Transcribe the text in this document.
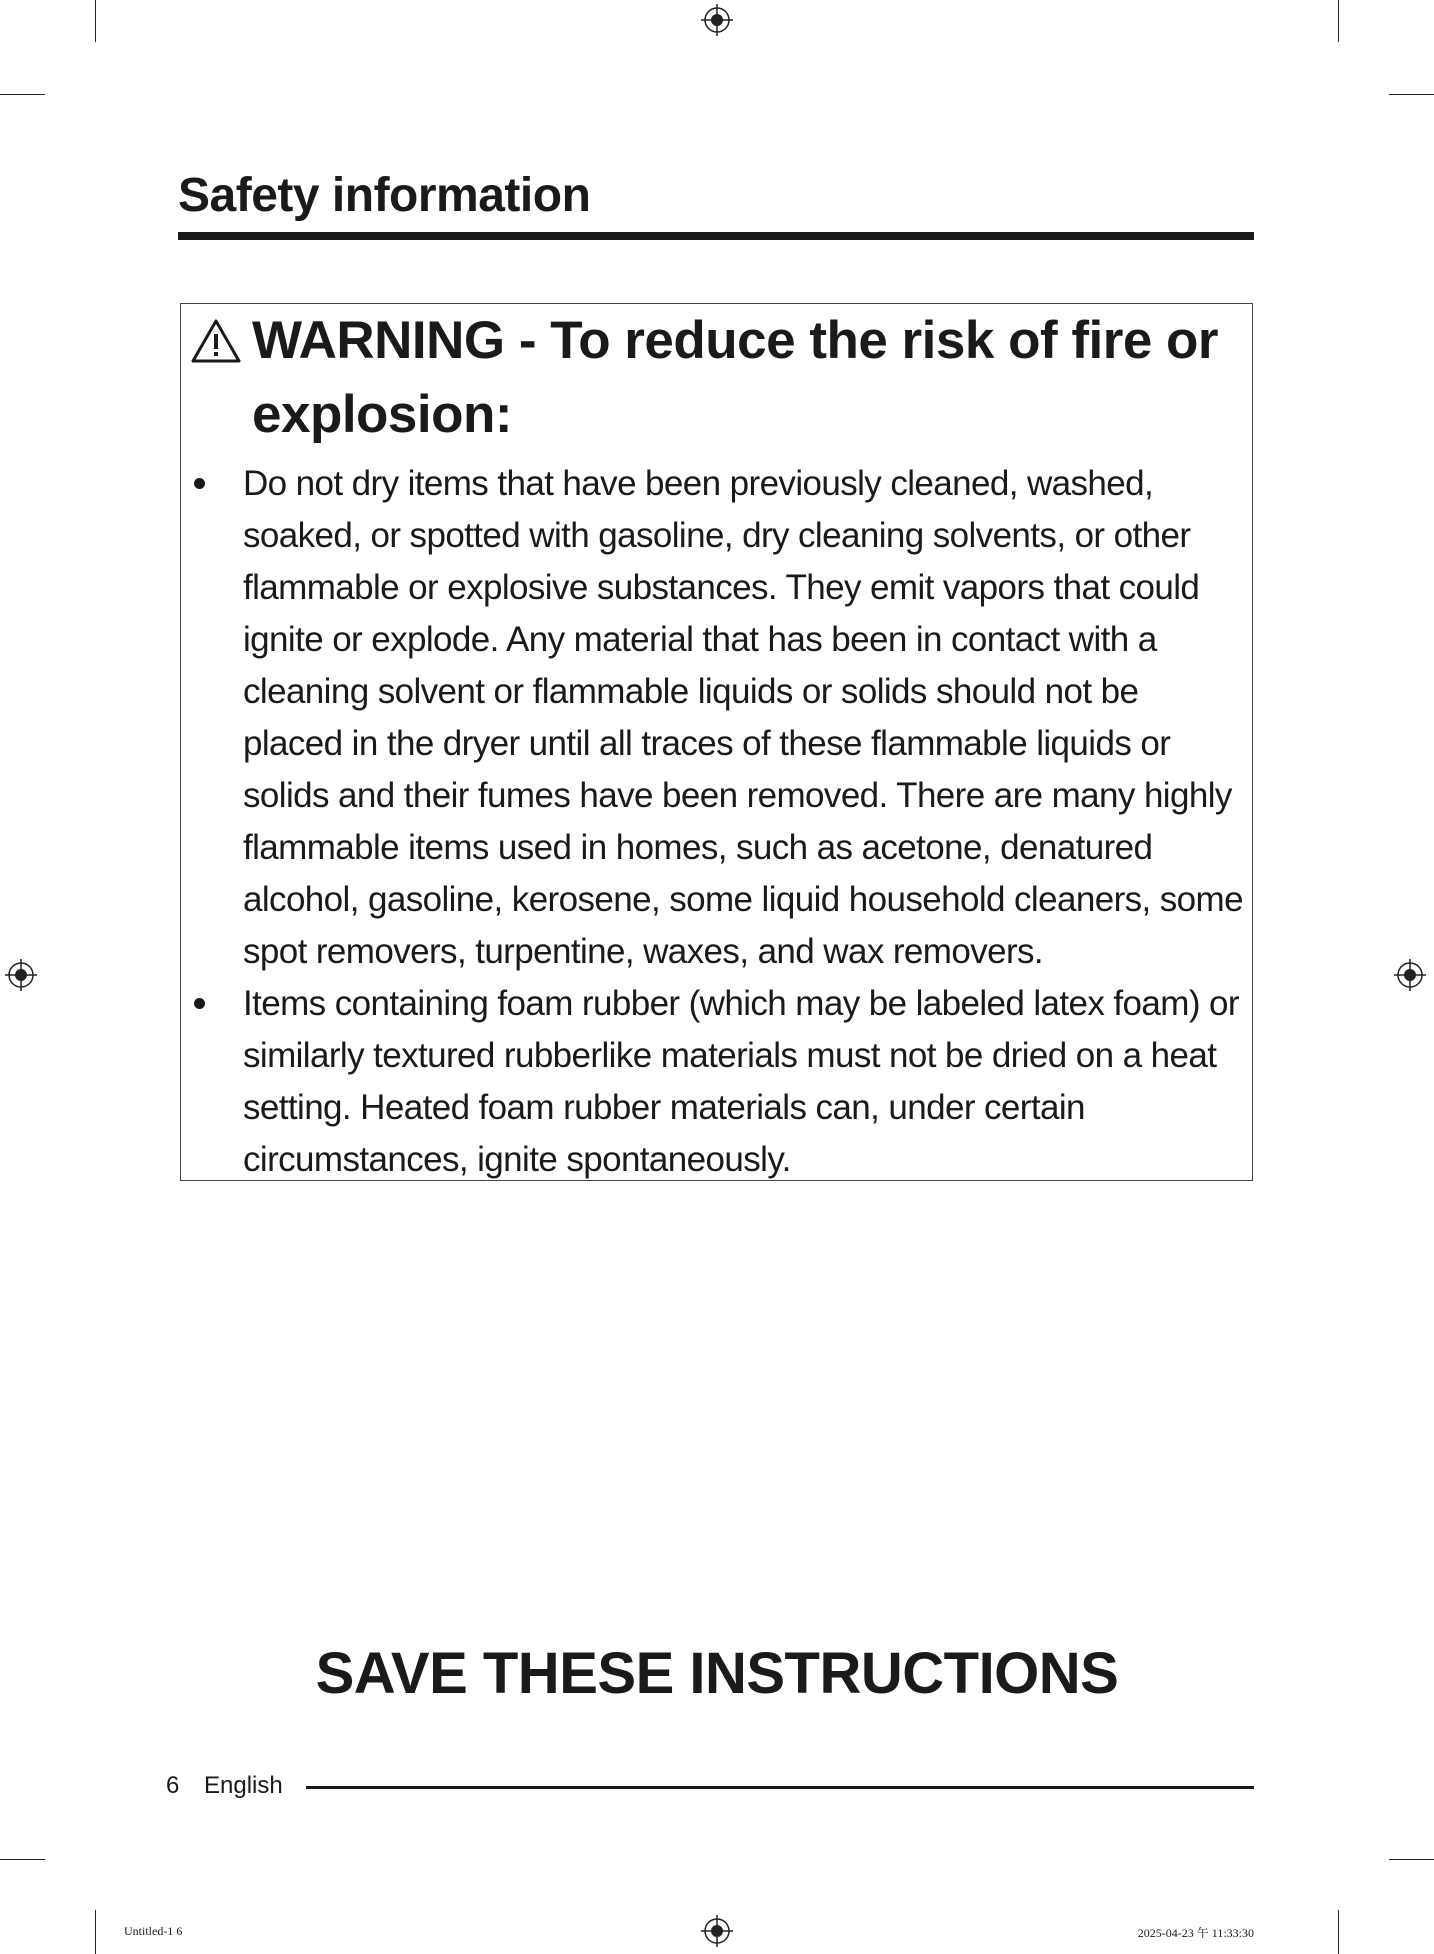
Safety information
WARNING - To reduce the risk of fire or explosion:
Do not dry items that have been previously cleaned, washed, soaked, or spotted with gasoline, dry cleaning solvents, or other flammable or explosive substances. They emit vapors that could ignite or explode. Any material that has been in contact with a cleaning solvent or flammable liquids or solids should not be placed in the dryer until all traces of these flammable liquids or solids and their fumes have been removed. There are many highly flammable items used in homes, such as acetone, denatured alcohol, gasoline, kerosene, some liquid household cleaners, some spot removers, turpentine, waxes, and wax removers.
Items containing foam rubber (which may be labeled latex foam) or similarly textured rubberlike materials must not be dried on a heat setting. Heated foam rubber materials can, under certain circumstances, ignite spontaneously.
SAVE THESE INSTRUCTIONS
6 English
Untitled-1 6	2025-04-23 午 11:33:30
